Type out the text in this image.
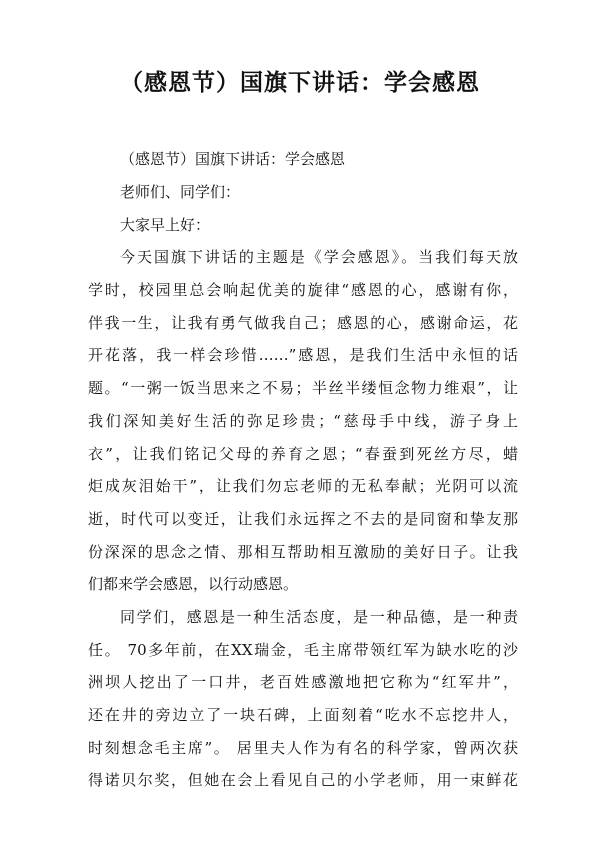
（感恩节）国旗下讲话：学会感恩
（感恩节）国旗下讲话：学会感恩
老师们、同学们：
大家早上好：
今天国旗下讲话的主题是《学会感恩》。当我们每天放
学时，校园里总会响起优美的旋律“感恩的心，感谢有你，
伴我一生，让我有勇气做我自己；感恩的心，感谢命运，花
开花落，我一样会珍惜……”感恩，是我们生活中永恒的话
题。“一粥一饭当思来之不易；半丝半缕恒念物力维艰”，让
我们深知美好生活的弥足珍贵；“慈母手中线，游子身上
衣”，让我们铭记父母的养育之恩；“春蚕到死丝方尽，蜡
炬成灰泪始干”，让我们勿忘老师的无私奉献；光阴可以流
逝，时代可以变迁，让我们永远挥之不去的是同窗和挚友那
份深深的思念之情、那相互帮助相互激励的美好日子。让我
们都来学会感恩，以行动感恩。
同学们，感恩是一种生活态度，是一种品德，是一种责
任。 70多年前，在XX瑞金，毛主席带领红军为缺水吃的沙
洲坝人挖出了一口井，老百姓感激地把它称为“红军井”，
还在井的旁边立了一块石碑，上面刻着“吃水不忘挖井人，
时刻想念毛主席”。 居里夫人作为有名的科学家，曾两次获
得诺贝尔奖，但她在会上看见自己的小学老师，用一束鲜花
